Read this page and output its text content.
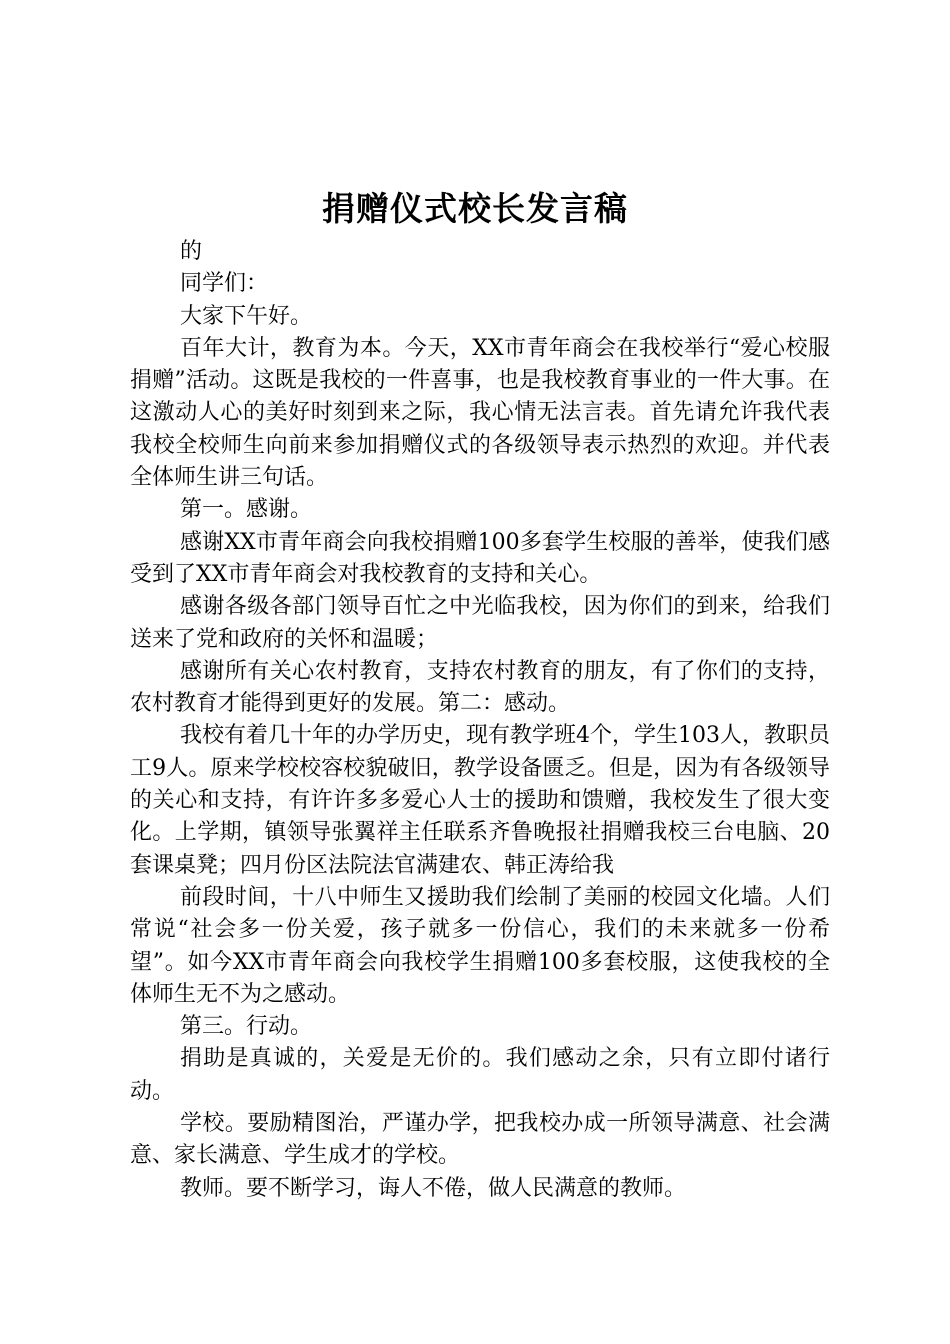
捐赠仪式校长发言稿

的

同学们：

大家下午好。

百年大计，教育为本。今天，XX市青年商会在我校举行“爱心校服捐赠”活动。这既是我校的一件喜事，也是我校教育事业的一件大事。在这激动人心的美好时刻到来之际，我心情无法言表。首先请允许我代表我校全校师生向前来参加捐赠仪式的各级领导表示热烈的欢迎。并代表全体师生讲三句话。

第一。感谢。

感谢XX市青年商会向我校捐赠100多套学生校服的善举，使我们感受到了XX市青年商会对我校教育的支持和关心。

感谢各级各部门领导百忙之中光临我校，因为你们的到来，给我们送来了党和政府的关怀和温暖；

感谢所有关心农村教育，支持农村教育的朋友，有了你们的支持，农村教育才能得到更好的发展。第二：感动。

我校有着几十年的办学历史，现有教学班4个，学生103人，教职员工9人。原来学校校容校貌破旧，教学设备匮乏。但是，因为有各级领导的关心和支持，有许许多多爱心人士的援助和馈赠，我校发生了很大变化。上学期，镇领导张翼祥主任联系齐鲁晚报社捐赠我校三台电脑、20套课桌凳；四月份区法院法官满建农、韩正涛给我

前段时间，十八中师生又援助我们绘制了美丽的校园文化墙。人们常说“社会多一份关爱，孩子就多一份信心，我们的未来就多一份希望”。如今XX市青年商会向我校学生捐赠100多套校服，这使我校的全体师生无不为之感动。

第三。行动。

捐助是真诚的，关爱是无价的。我们感动之余，只有立即付诸行动。

学校。要励精图治，严谨办学，把我校办成一所领导满意、社会满意、家长满意、学生成才的学校。

教师。要不断学习，诲人不倦，做人民满意的教师。
